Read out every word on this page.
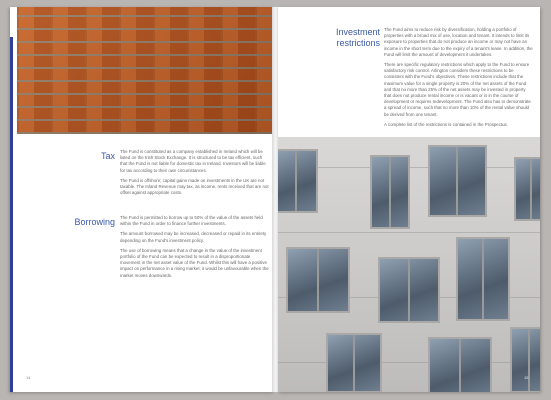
Tax The Fund is constituted as a company established in Ireland which will be listed on the Irish Stock Exchange. It is structured to be tax efficient, such that the Fund is not liable for domestic tax in Ireland. Investors will be liable for tax according to their own circumstances.

The Fund is offshore; capital gains made on investments in the UK are not taxable. The Inland Revenue may tax, as income, rents received that are not offset against appropriate costs.

Borrowing The Fund is permitted to borrow up to 50% of the value of the assets held within the Fund in order to finance further investments.

The amount borrowed may be increased, decreased or repaid in its entirety depending on the Fund's investment policy.

The use of borrowing means that a change in the value of the investment portfolio of the Fund can be expected to result in a disproportionate movement in the net asset value of the Fund. Whilst this will have a positive impact on performance in a rising market, it would be unfavourable when the market moves downwards.

14
Investment restrictions

The Fund aims to reduce risk by diversification, holding a portfolio of properties with a broad mix of use, location and tenant. It intends to limit its exposure to properties that do not produce an income or may not have an income in the short term due to the expiry of a tenant's lease. In addition, the Fund will limit the amount of development it undertakes.

There are specific regulatory restrictions which apply to the Fund to ensure satisfactory risk control. Arlington considers these restrictions to be consistent with the Fund's objectives. These restrictions include that the maximum value for a single property is 20% of the net assets of the Fund and that no more than 25% of the net assets may be invested in property that does not produce rental income or is vacant or is in the course of development or requires redevelopment. The Fund also has to demonstrate a spread of income, such that no more than 10% of the rental value should be derived from one tenant.

A complete list of the restrictions is contained in the Prospectus.

15
